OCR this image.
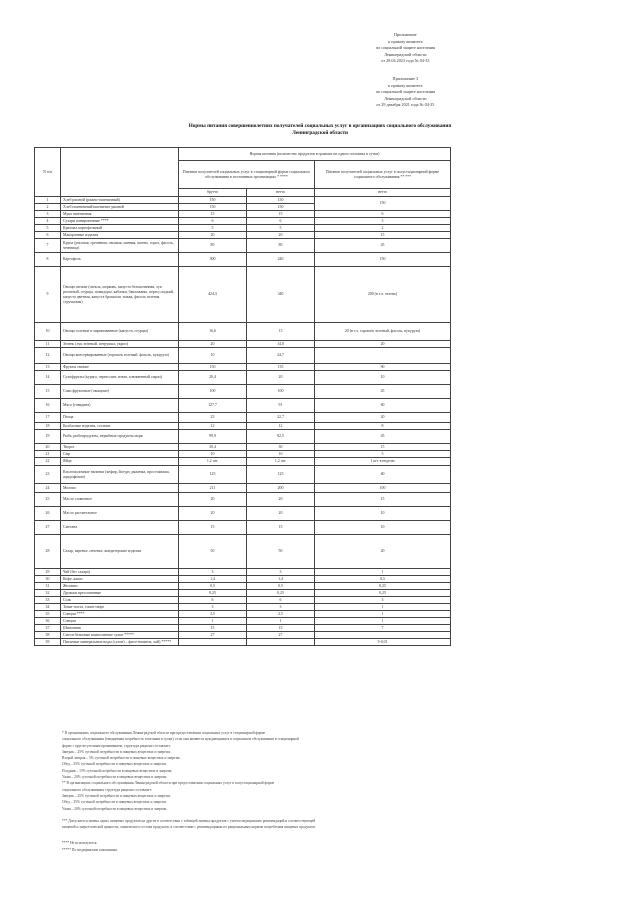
Приложение
к приказу комитета
по социальной защите населения
Ленинградской области
от 28.04.2023 года № 04-33
Приложение 3
к приказу комитета
по социальной защите населения
Ленинградской области
от 29 декабря 2021 года № 04-35
Нормы питания совершеннолетних получателей социальных услуг в организациях социального обслуживания
Ленинградской области
N п/п		Нормы питания (количество продуктов в граммах на одного человека в сутки)		
		Питание получателей социальных услуг в стационарной форме социального обслуживания в постоянных организациях * ****		Питание получателей социальных услуг в полустационарной форме социального обслуживания ** ***
		брутто	нетто	нетто
1	Хлеб ржаной (ржано-пшеничный)	150	150	150
2	Хлеб пшеничный/пшенично-ржаной	150	150	
3	Мука пшеничная	15	15	6
4	Сухари панировочные ****	6	6	3
5	Крахмал картофельный	5	5	2
6	Макаронные изделия	20	20	15
7	Крупа (рисовая, гречневая, овсяная, манная, пшено, горох, фасоль, чечевица)	80	80	45
8	Картофель	300	240	150
9	Овощи свежие (свекла, морковь, капуста белокочанная, лук репчатый, огурцы, помидоры, кабачки, баклажаны, перец сладкий, капуста цветная, капуста брокколи, тыква, фасоль зеленая стручковая)	424,3	340	200 (в т.ч. зелень)
10	Овощи соленые и маринованные (капуста, огурцы)	16,6	15	20 (в т.ч. горошек зеленый, фасоль, кукуруза)
11	Зелень (лук зеленый, петрушка, укроп)	20	14,8	20
12	Овощи консервированные (горошек зеленый, фасоль, кукуруза)	10	24,7	
13	Фрукты свежие	150	135	90
14	Сухофрукты (курага, чернослив, изюм, клюквенный сироп)	20,4	20	10
15	Соки фруктовые (овощные)	100	100	45
16	Мясо (говядина)	127,7	91	60
17	Птица	25	22,7	20
18	Колбасные изделия, сосиски	12	12	8
19	Рыба, рыбопродукты, нерыбные продукты моря	99,9	82,5	45
20	Творог	30,4	30	15
21	Сыр	10	10	5
22	Яйца	1,2 шт.	1,2 шт.	1 шт. в неделю
23	Кисломолочные напитки (кефир, йогурт, ряженка, простокваша, ацидофилин)	125	125	60
24	Молоко	211	200	100
25	Масло сливочное	20	20	15
26	Масло растительное	20	20	10
27	Сметана	15	15	10
28	Сахар, варенье, печенье, кондитерские изделия	50	50	20
29	Чай (без сахара)	3	3	1
30	Кофе, какао	1,4	1,4	0,5
31	Желатин	0,5	0,5	0,25
32	Дрожжи прессованные	0,25	0,25	0,25
33	Соль	6	6	3
34	Томат-паста, томат-пюре	3	3	1
35	Специи ****	2,5	2,5	1
36	Специи	1	1	1
37	Шиповник	15	15	7
38	Смеси белковые композитные сухие *****	27	27	
39	Питьевые минеральные воды (сухие) – фито-напиток, чай) *****			5-0,01

* В организациях социального обслуживания Ленинградской области при предоставлении социальных услуг в стационарной форме

социального обслуживания (ежедневная потребность в питании в сутки), если они являются нуждающимися в социальном обслуживании в стационарной

форме с круглосуточным проживанием, структура рациона составляет:

Завтрак – 25% суточной потребности в пищевых веществах и энергии;

Второй завтрак – 5% суточной потребности в пищевых веществах и энергии;

Обед – 35% суточной потребности в пищевых веществах и энергии;

Полдник – 15% суточной потребности в пищевых веществах и энергии;

Ужин – 20% суточной потребности в пищевых веществах и энергии.

** В организациях социального обслуживания Ленинградской области при предоставлении социальных услуг в полустационарной форме

социального обслуживания структура рациона составляет:

Завтрак – 25% суточной потребности в пищевых веществах и энергии;

Обед – 35% суточной потребности в пищевых веществах и энергии;

Ужин – 20% суточной потребности в пищевых веществах и энергии.

*** Допускается замена одних пищевых продуктов на другие в соответствии с таблицей замены продуктов с учетом медицинских рекомендаций и соответствующей

пищевой и энергетической ценности, химического состава продуктов, в соответствии с рекомендациями по рациональным нормам потребления пищевых продуктов.

**** Не используются.

***** По медицинским показаниям.
